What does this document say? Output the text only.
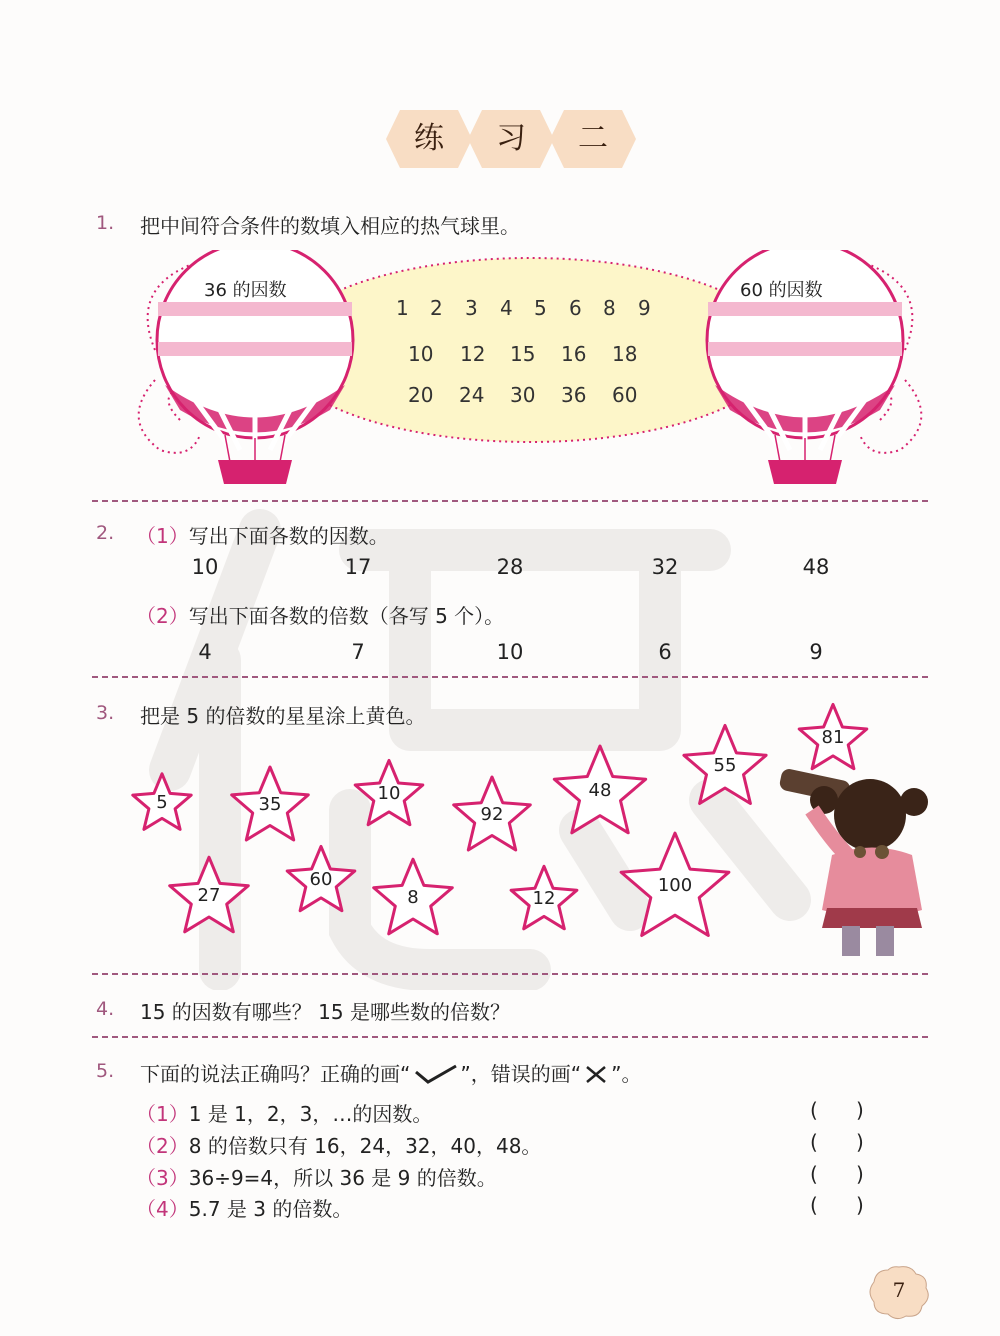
练	习	二
1. 把中间符合条件的数填入相应的热气球里。
36 的因数	60 的因数
1 2 3 4 5 6 8 9
10 12 15 16 18
20 24 30 36 60
2. （1）写出下面各数的因数。
10	17	28	32	48
（2）写出下面各数的倍数（各写 5 个）。
4	7	10	6	9
3. 把是 5 的倍数的星星涂上黄色。
5	35
10
92
48
55
81
27
60
8	12
100
4. 15 的因数有哪些？ 15 是哪些数的倍数？
5. 下面的说法正确吗？正确的画“	”，错误的画“ ”。
（1）1 是 1，2，3，…的因数。	(      )
（2）8 的倍数只有 16，24，32，40，48。	(      )
（3）36÷9=4，所以 36 是 9 的倍数。	(      )
（4）5.7 是 3 的倍数。	(      )
7
